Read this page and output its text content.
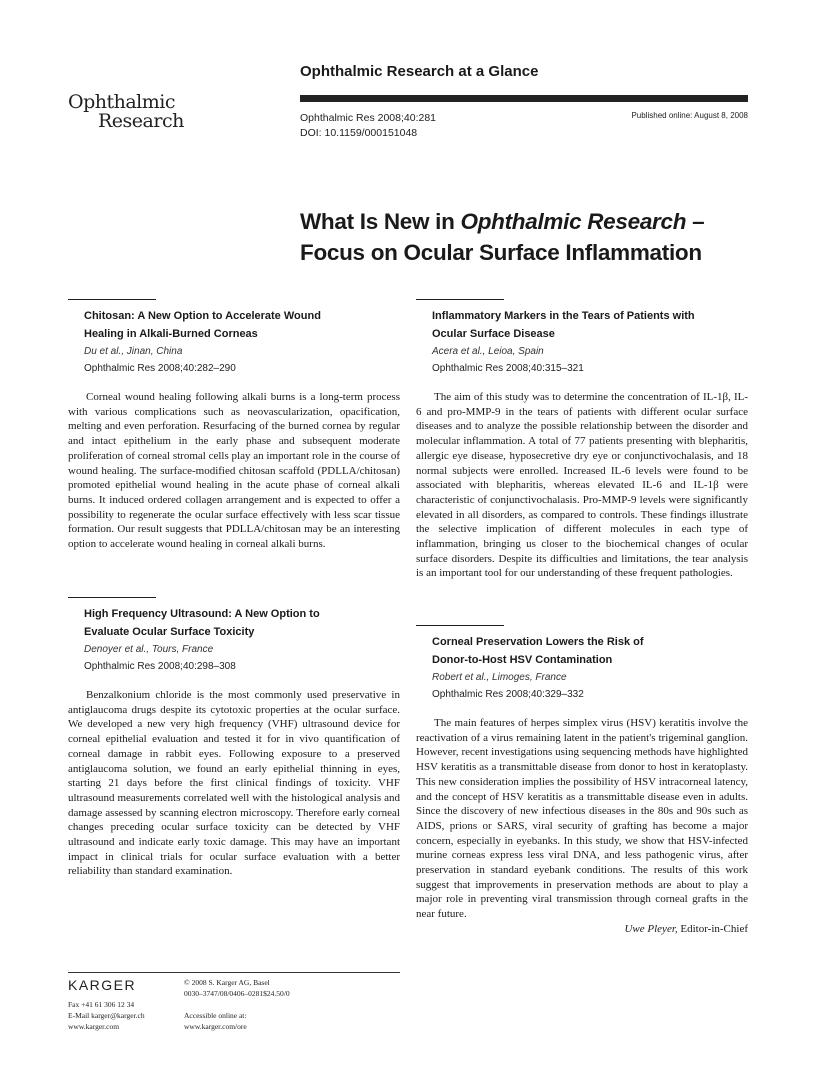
Ophthalmic
Research
Ophthalmic Research at a Glance
Ophthalmic Res 2008;40:281
DOI: 10.1159/000151048
Published online: August 8, 2008
What Is New in Ophthalmic Research –
Focus on Ocular Surface Inflammation
Chitosan: A New Option to Accelerate Wound
Healing in Alkali-Burned Corneas
Du et al., Jinan, China
Ophthalmic Res 2008;40:282–290
Corneal wound healing following alkali burns is a long-term process with various complications such as neovascularization, opacification, melting and even perforation. Resurfacing of the burned cornea by regular and intact epithelium in the early phase and subsequent moderate proliferation of corneal stromal cells play an important role in the course of wound healing. The surface-modified chitosan scaffold (PDLLA/chitosan) promoted epithelial wound healing in the acute phase of corneal alkali burns. It induced ordered collagen arrangement and is expected to offer a possibility to regenerate the ocular surface effectively with less scar tissue formation. Our result suggests that PDLLA/chitosan may be an interesting option to accelerate wound healing in corneal alkali burns.
High Frequency Ultrasound: A New Option to
Evaluate Ocular Surface Toxicity
Denoyer et al., Tours, France
Ophthalmic Res 2008;40:298–308
Benzalkonium chloride is the most commonly used preservative in antiglaucoma drugs despite its cytotoxic properties at the ocular surface. We developed a new very high frequency (VHF) ultrasound device for corneal epithelial evaluation and tested it for in vivo quantification of corneal damage in rabbit eyes. Following exposure to a preserved antiglaucoma solution, we found an early epithelial thinning in eyes, starting 21 days before the first clinical findings of toxicity. VHF ultrasound measurements correlated well with the histological analysis and damage assessed by scanning electron microscopy. Therefore early corneal changes preceding ocular surface toxicity can be detected by VHF ultrasound and indicate early toxic damage. This may have an important impact in clinical trials for ocular surface evaluation with a better reliability than standard examination.
Inflammatory Markers in the Tears of Patients with
Ocular Surface Disease
Acera et al., Leioa, Spain
Ophthalmic Res 2008;40:315–321
The aim of this study was to determine the concentration of IL-1β, IL-6 and pro-MMP-9 in the tears of patients with different ocular surface diseases and to analyze the possible relationship between the disorder and molecular inflammation. A total of 77 patients presenting with blepharitis, allergic eye disease, hyposecretive dry eye or conjunctivochalasis, and 18 normal subjects were enrolled. Increased IL-6 levels were found to be associated with blepharitis, whereas elevated IL-6 and IL-1β were characteristic of conjunctivochalasis. Pro-MMP-9 levels were significantly elevated in all disorders, as compared to controls. These findings illustrate the selective implication of different molecules in each type of inflammation, bringing us closer to the biochemical changes of ocular surface disorders. Despite its difficulties and limitations, the tear analysis is an important tool for our understanding of these frequent pathologies.
Corneal Preservation Lowers the Risk of
Donor-to-Host HSV Contamination
Robert et al., Limoges, France
Ophthalmic Res 2008;40:329–332
The main features of herpes simplex virus (HSV) keratitis involve the reactivation of a virus remaining latent in the patient's trigeminal ganglion. However, recent investigations using sequencing methods have highlighted HSV keratitis as a transmittable disease from donor to host in keratoplasty. This new consideration implies the possibility of HSV intracorneal latency, and the concept of HSV keratitis as a transmittable disease even in adults. Since the discovery of new infectious diseases in the 80s and 90s such as AIDS, prions or SARS, viral security of grafting has become a major concern, especially in eyebanks. In this study, we show that HSV-infected murine corneas express less viral DNA, and less pathogenic virus, after preservation in standard eyebank conditions. The results of this work suggest that improvements in preservation methods are about to play a major role in preventing viral transmission through corneal grafts in the near future.
Uwe Pleyer, Editor-in-Chief
KARGER
Fax +41 61 306 12 34
E-Mail karger@karger.ch
www.karger.com
© 2008 S. Karger AG, Basel
0030–3747/08/0406–0281$24.50/0
Accessible online at:
www.karger.com/ore
